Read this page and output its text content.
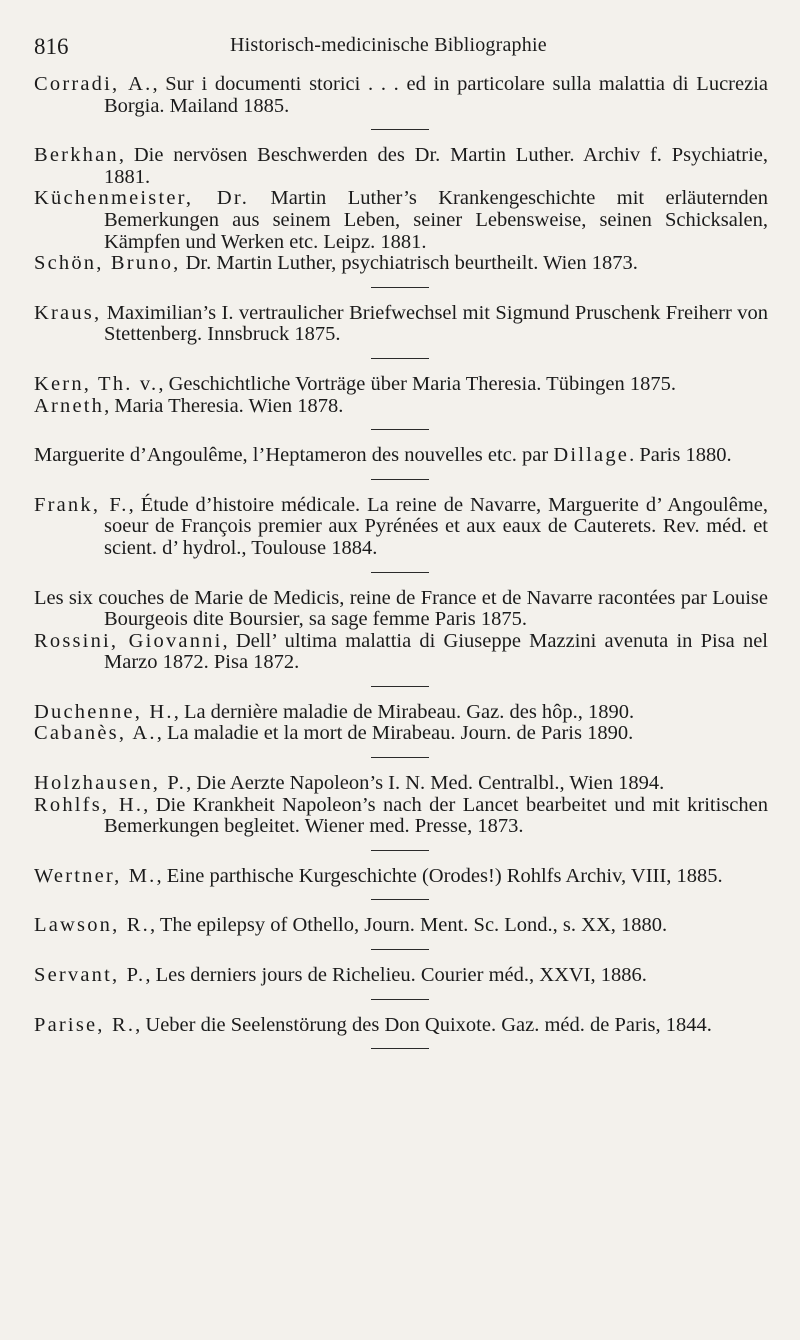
816	Historisch-medicinische Bibliographie
Corradi, A., Sur i documenti storici . . . ed in particolare sulla malattia di Lucrezia Borgia. Mailand 1885.
Berkhan, Die nervösen Beschwerden des Dr. Martin Luther. Archiv f. Psychiatrie, 1881.
Küchenmeister, Dr. Martin Luther’s Krankengeschichte mit erläuternden Bemerkungen aus seinem Leben, seiner Lebensweise, seinen Schicksalen, Kämpfen und Werken etc. Leipz. 1881.
Schön, Bruno, Dr. Martin Luther, psychiatrisch beurtheilt. Wien 1873.
Kraus, Maximilian’s I. vertraulicher Briefwechsel mit Sigmund Pruschenk Freiherr von Stettenberg. Innsbruck 1875.
Kern, Th. v., Geschichtliche Vorträge über Maria Theresia. Tübingen 1875.
Arneth, Maria Theresia. Wien 1878.
Marguerite d’Angoulême, l’Heptameron des nouvelles etc. par Dillage. Paris 1880.
Frank, F., Étude d’histoire médicale. La reine de Navarre, Marguerite d’ Angoulême, soeur de François premier aux Pyrénées et aux eaux de Cauterets. Rev. méd. et scient. d’ hydrol., Toulouse 1884.
Les six couches de Marie de Medicis, reine de France et de Navarre racontées par Louise Bourgeois dite Boursier, sa sage femme Paris 1875.
Rossini, Giovanni, Dell’ ultima malattia di Giuseppe Mazzini avenuta in Pisa nel Marzo 1872. Pisa 1872.
Duchenne, H., La dernière maladie de Mirabeau. Gaz. des hôp., 1890.
Cabanès, A., La maladie et la mort de Mirabeau. Journ. de Paris 1890.
Holzhausen, P., Die Aerzte Napoleon’s I. N. Med. Centralbl., Wien 1894.
Rohlfs, H., Die Krankheit Napoleon’s nach der Lancet bearbeitet und mit kritischen Bemerkungen begleitet. Wiener med. Presse, 1873.
Wertner, M., Eine parthische Kurgeschichte (Orodes!) Rohlfs Archiv, VIII, 1885.
Lawson, R., The epilepsy of Othello, Journ. Ment. Sc. Lond., s. XX, 1880.
Servant, P., Les derniers jours de Richelieu. Courier méd., XXVI, 1886.
Parise, R., Ueber die Seelenstörung des Don Quixote. Gaz. méd. de Paris, 1844.
